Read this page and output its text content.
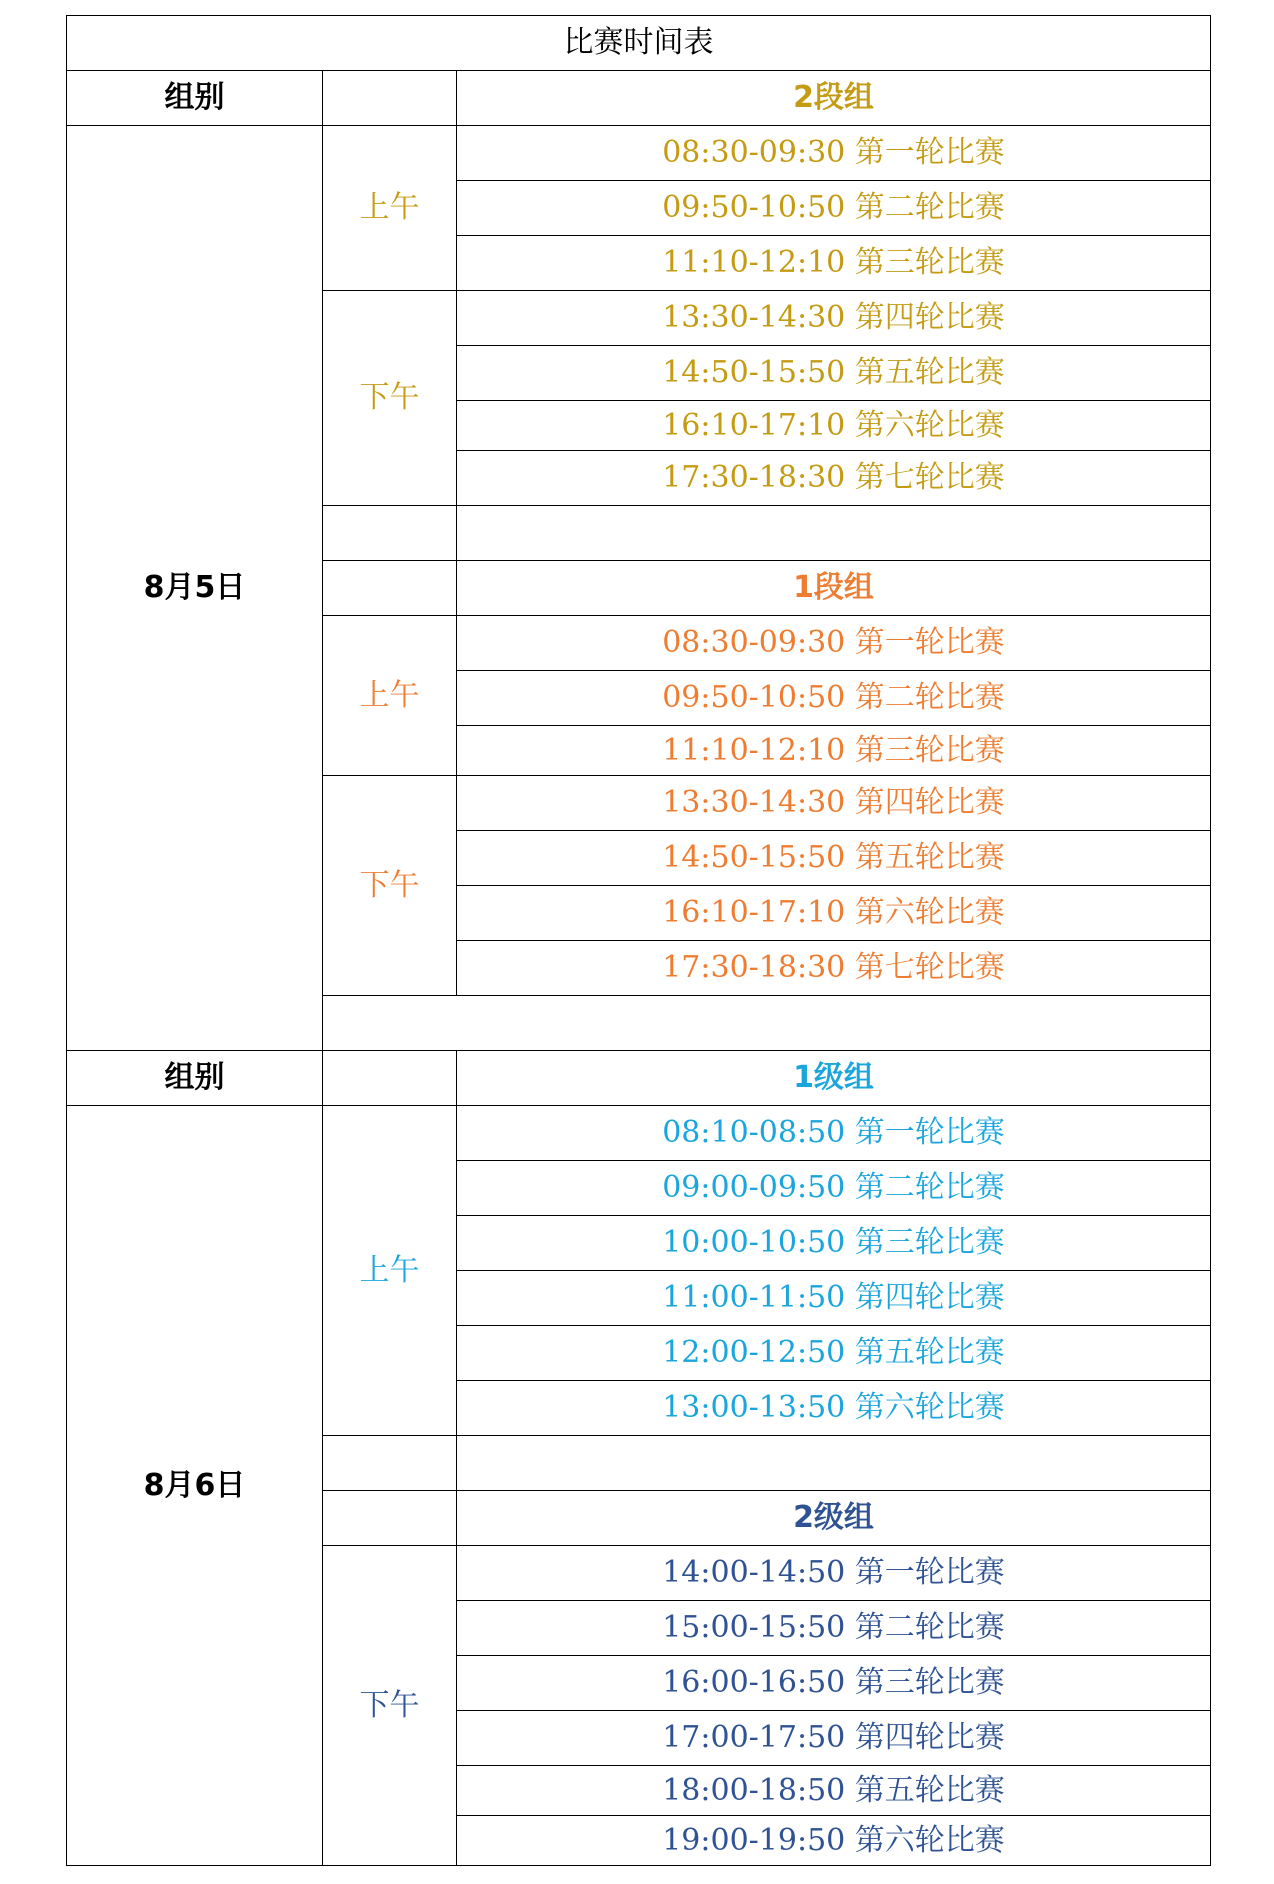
比赛时间表		
组别		2段组
8月5日	上午	08:30-09:30 第一轮比赛
		09:50-10:50 第二轮比赛
		11:10-12:10 第三轮比赛
	下午	13:30-14:30 第四轮比赛
		14:50-15:50 第五轮比赛
		16:10-17:10 第六轮比赛
		17:30-18:30 第七轮比赛

		1段组
	上午	08:30-09:30 第一轮比赛
		09:50-10:50 第二轮比赛
		11:10-12:10 第三轮比赛
	下午	13:30-14:30 第四轮比赛
		14:50-15:50 第五轮比赛
		16:10-17:10 第六轮比赛
		17:30-18:30 第七轮比赛

组别		1级组
8月6日	上午	08:10-08:50 第一轮比赛
		09:00-09:50 第二轮比赛
		10:00-10:50 第三轮比赛
		11:00-11:50 第四轮比赛
		12:00-12:50 第五轮比赛
		13:00-13:50 第六轮比赛

		2级组
	下午	14:00-14:50 第一轮比赛
		15:00-15:50 第二轮比赛
		16:00-16:50 第三轮比赛
		17:00-17:50 第四轮比赛
		18:00-18:50 第五轮比赛
		19:00-19:50 第六轮比赛
